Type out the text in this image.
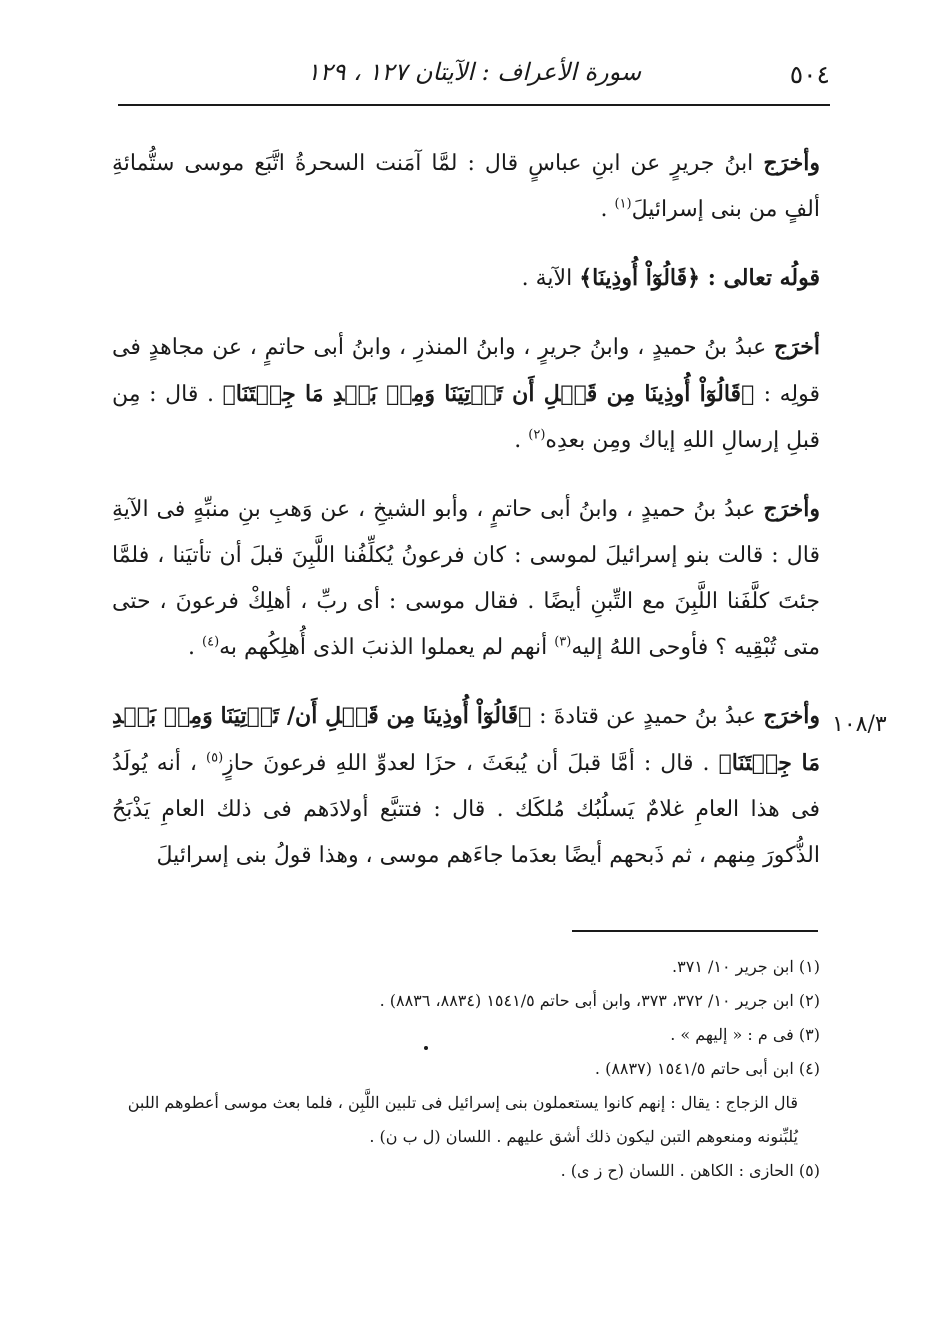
٥٠٤
سورة الأعراف : الآيتان ١٢٧ ، ١٢٩
١٠٨/٣

وأخرَج ابنُ جريرٍ عن ابنِ عباسٍ قال : لمَّا آمَنت السحرةُ اتَّبَع موسى ستُّمائةِ ألفٍ من بنى إسرائيلَ$^{(١)}$ .

قولُه تعالى : ﴿قَالُوٓاْ أُوذِينَا﴾ الآية .

أخرَج عبدُ بنُ حميدٍ ، وابنُ جريرٍ ، وابنُ المنذرِ ، وابنُ أبى حاتمٍ ، عن مجاهدٍ فى قولِه : ﴿قَالُوٓاْ أُوذِينَا مِن قَبۡلِ أَن تَأۡتِيَنَا وَمِنۢ بَعۡدِ مَا جِئۡتَنَا﴾ . قال : مِن قبلِ إرسالِ اللهِ إياك ومِن بعدِه$^{(٢)}$ .

وأخرَج عبدُ بنُ حميدٍ ، وابنُ أبى حاتمٍ ، وأبو الشيخِ ، عن وَهبِ بنِ منبِّهٍ فى الآيةِ قال : قالت بنو إسرائيلَ لموسى : كان فرعونُ يُكلِّفُنا اللَّبِنَ قبلَ أن تأتيَنا ، فلمَّا جئتَ كلَّفَنا اللَّبِنَ مع التِّبنِ أيضًا . فقال موسى : أى ربِّ ، أهلِكْ فرعونَ ، حتى متى تُبْقِيه ؟ فأوحى اللهُ إليه$^{(٣)}$ أنهم لم يعملوا الذنبَ الذى أُهلِكُهم به$^{(٤)}$ .

وأخرَج عبدُ بنُ حميدٍ عن قتادةَ : ﴿قَالُوٓاْ أُوذِينَا مِن قَبۡلِ أَن/ تَأۡتِيَنَا وَمِنۢ بَعۡدِ مَا جِئۡتَنَا﴾ . قال : أمَّا قبلَ أن يُبعَثَ ، حزَا لعدوِّ اللهِ فرعونَ حازٍ$^{(٥)}$ ، أنه يُولَدُ فى هذا العامِ غلامٌ يَسلُبُك مُلكَك . قال : فتتبَّع أولادَهم فى ذلك العامِ يَذْبَحُ الذُّكورَ مِنهم ، ثم ذَبحهم أيضًا بعدَما جاءَهم موسى ، وهذا قولُ بنى إسرائيلَ

(١) ابن جرير ١٠/ ٣٧١.

(٢) ابن جرير ١٠/ ٣٧٢، ٣٧٣، وابن أبى حاتم ١٥٤١/٥ (٨٨٣٤، ٨٨٣٦) .

(٣) فى م : « إليهم » .

(٤) ابن أبى حاتم ١٥٤١/٥ (٨٨٣٧) .

قال الزجاج : يقال : إنهم كانوا يستعملون بنى إسرائيل فى تلبين اللَّبِن ، فلما بعث موسى أعطوهم اللبن يُلبِّنونه ومنعوهم التبن ليكون ذلك أشق عليهم . اللسان (ل ب ن) .

(٥) الحازى : الكاهن . اللسان (ح ز ى) .
